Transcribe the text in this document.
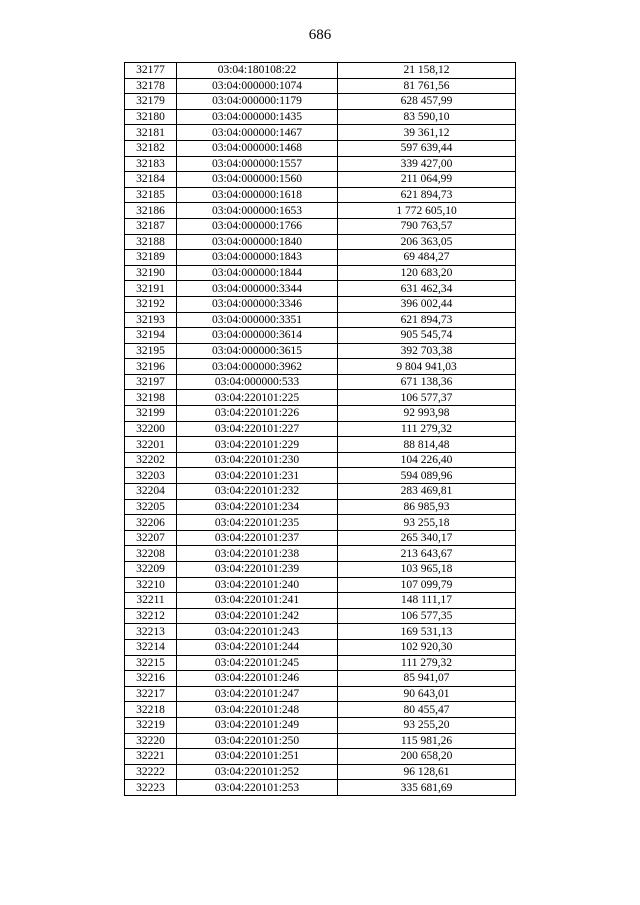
686
32177	03:04:180108:22	21 158,12
32178	03:04:000000:1074	81 761,56
32179	03:04:000000:1179	628 457,99
32180	03:04:000000:1435	83 590,10
32181	03:04:000000:1467	39 361,12
32182	03:04:000000:1468	597 639,44
32183	03:04:000000:1557	339 427,00
32184	03:04:000000:1560	211 064,99
32185	03:04:000000:1618	621 894,73
32186	03:04:000000:1653	1 772 605,10
32187	03:04:000000:1766	790 763,57
32188	03:04:000000:1840	206 363,05
32189	03:04:000000:1843	69 484,27
32190	03:04:000000:1844	120 683,20
32191	03:04:000000:3344	631 462,34
32192	03:04:000000:3346	396 002,44
32193	03:04:000000:3351	621 894,73
32194	03:04:000000:3614	905 545,74
32195	03:04:000000:3615	392 703,38
32196	03:04:000000:3962	9 804 941,03
32197	03:04:000000:533	671 138,36
32198	03:04:220101:225	106 577,37
32199	03:04:220101:226	92 993,98
32200	03:04:220101:227	111 279,32
32201	03:04:220101:229	88 814,48
32202	03:04:220101:230	104 226,40
32203	03:04:220101:231	594 089,96
32204	03:04:220101:232	283 469,81
32205	03:04:220101:234	86 985,93
32206	03:04:220101:235	93 255,18
32207	03:04:220101:237	265 340,17
32208	03:04:220101:238	213 643,67
32209	03:04:220101:239	103 965,18
32210	03:04:220101:240	107 099,79
32211	03:04:220101:241	148 111,17
32212	03:04:220101:242	106 577,35
32213	03:04:220101:243	169 531,13
32214	03:04:220101:244	102 920,30
32215	03:04:220101:245	111 279,32
32216	03:04:220101:246	85 941,07
32217	03:04:220101:247	90 643,01
32218	03:04:220101:248	80 455,47
32219	03:04:220101:249	93 255,20
32220	03:04:220101:250	115 981,26
32221	03:04:220101:251	200 658,20
32222	03:04:220101:252	96 128,61
32223	03:04:220101:253	335 681,69
